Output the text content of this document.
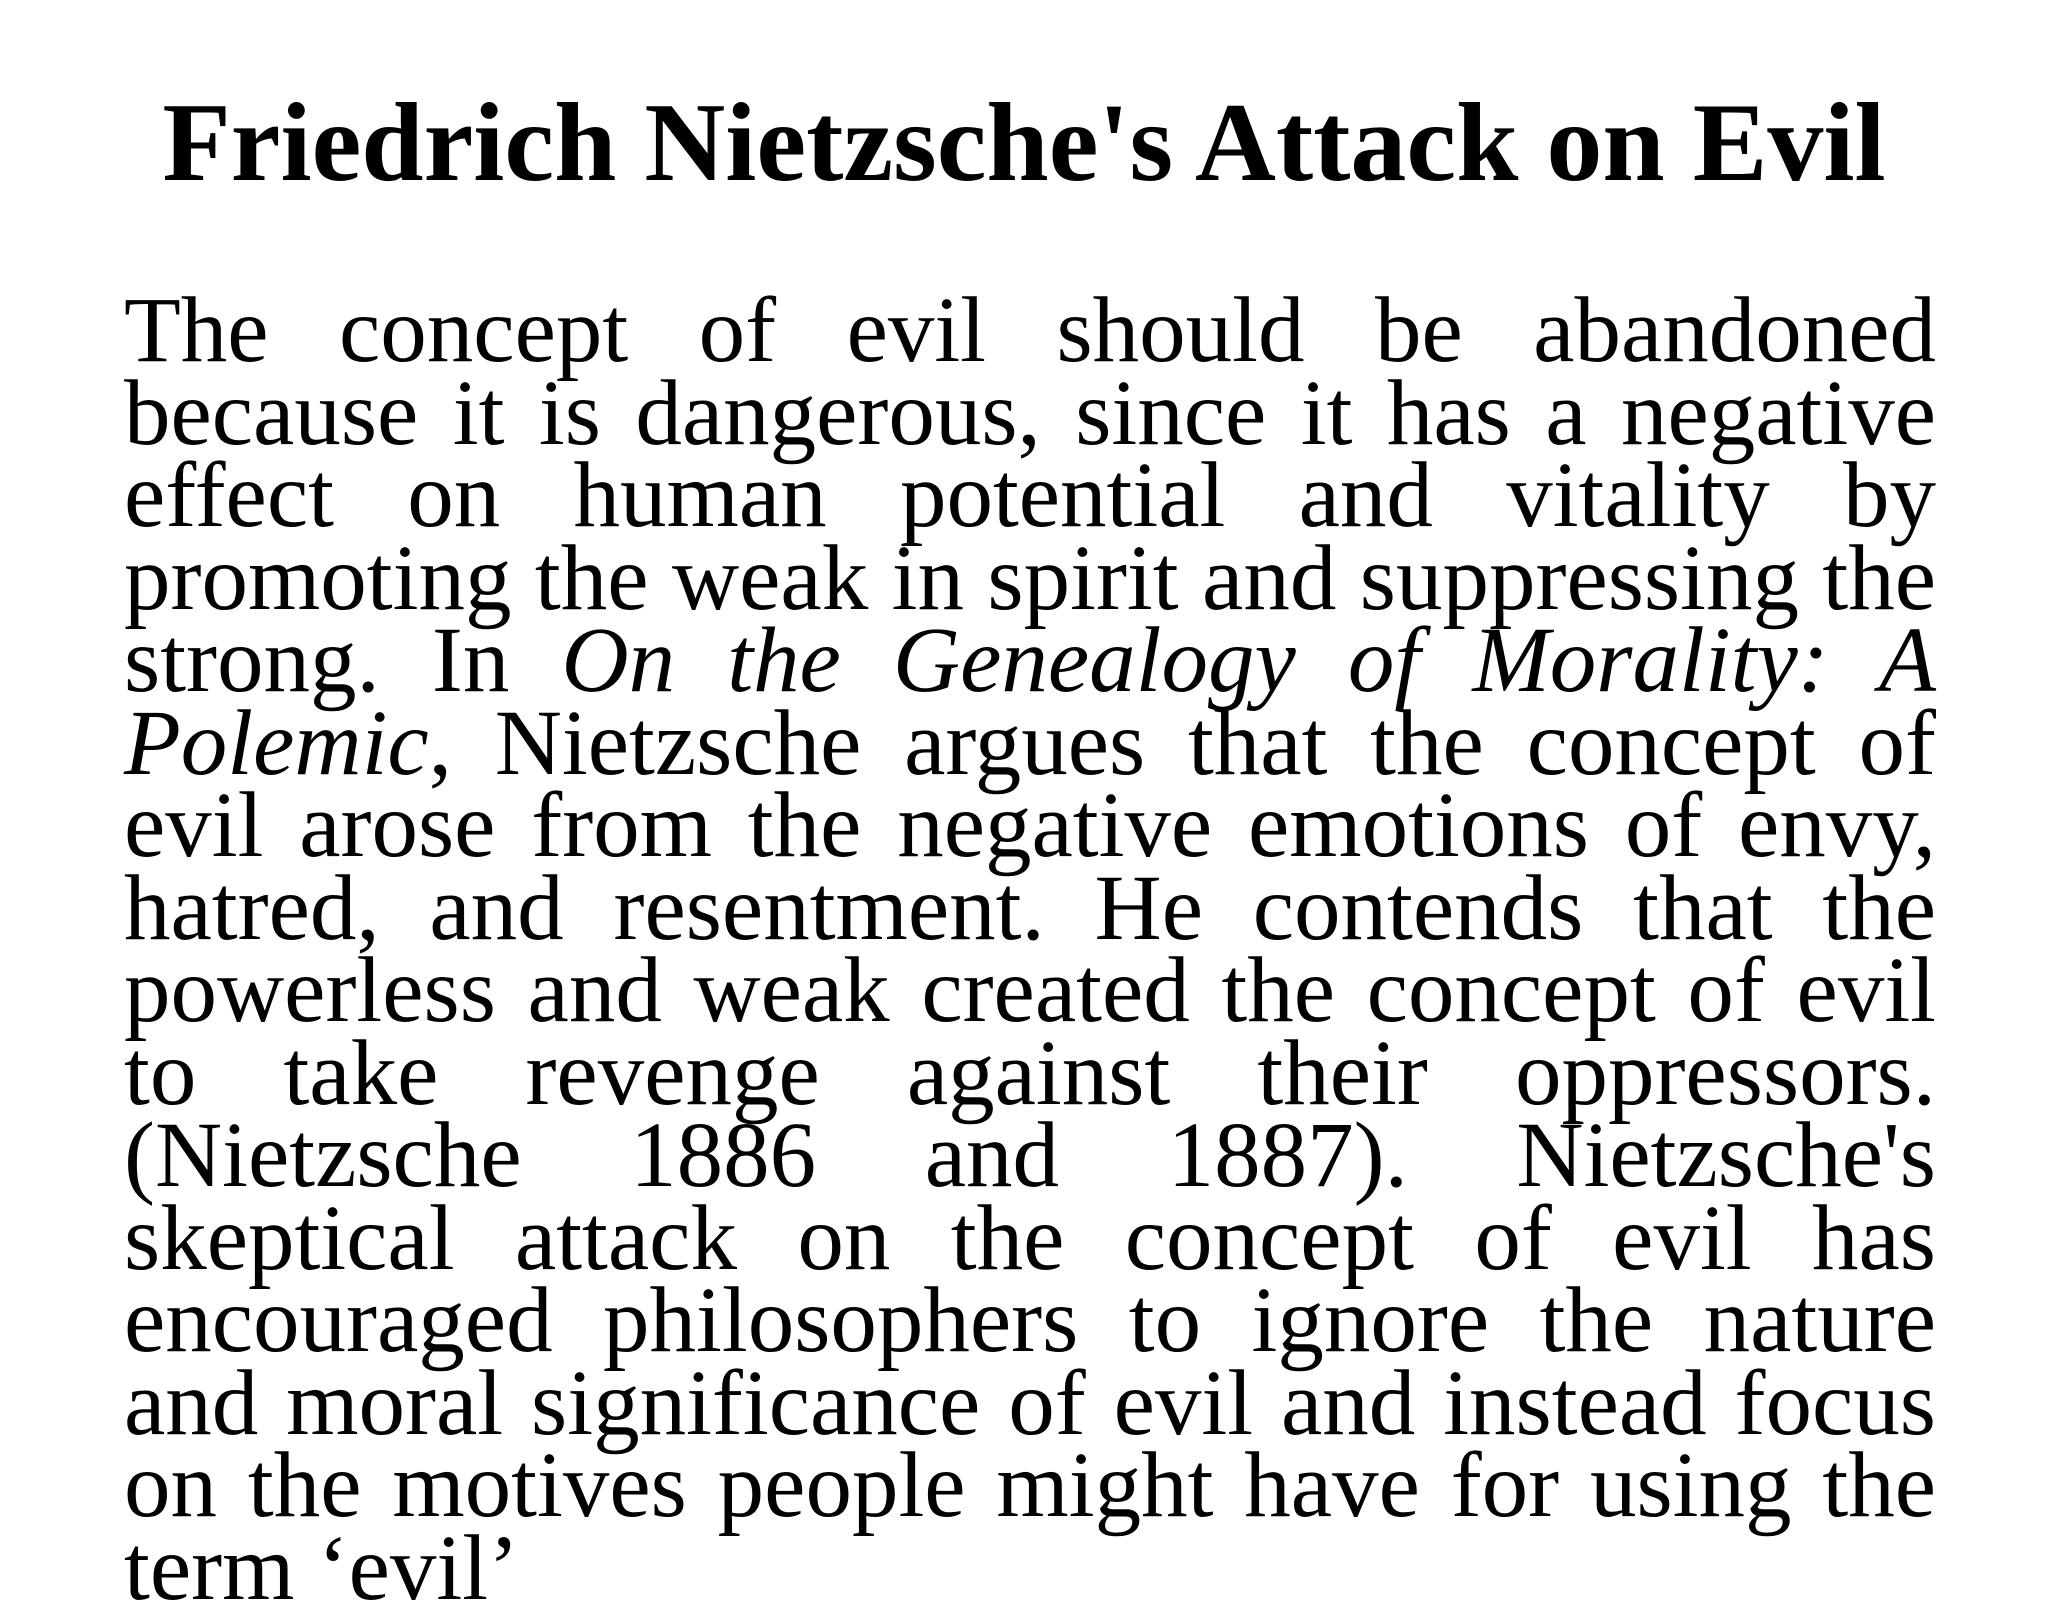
Friedrich Nietzsche's Attack on Evil

The concept of evil should be abandoned because it is dangerous, since it has a negative effect on human potential and vitality by promoting the weak in spirit and suppressing the strong. In On the Genealogy of Morality: A Polemic, Nietzsche argues that the concept of evil arose from the negative emotions of envy, hatred, and resentment. He contends that the powerless and weak created the concept of evil to take revenge against their oppressors. (Nietzsche 1886 and 1887). Nietzsche's skeptical attack on the concept of evil has encouraged philosophers to ignore the nature and moral significance of evil and instead focus on the motives people might have for using the term ‘evil’
